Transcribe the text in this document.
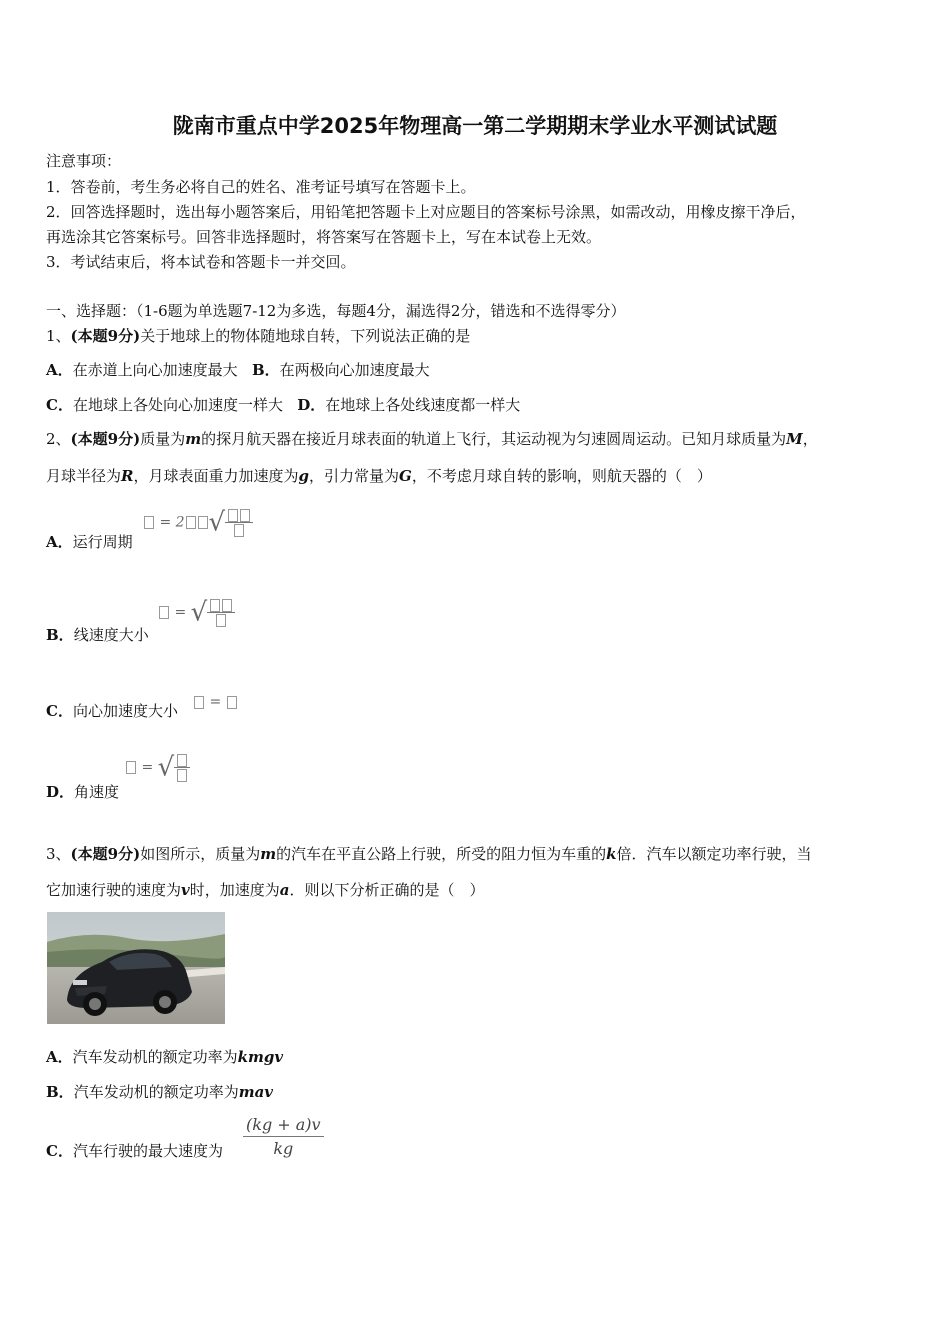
陇南市重点中学2025年物理高一第二学期期末学业水平测试试题
注意事项：
1．答卷前，考生务必将自己的姓名、准考证号填写在答题卡上。
2．回答选择题时，选出每小题答案后，用铅笔把答题卡上对应题目的答案标号涂黑，如需改动，用橡皮擦干净后，
再选涂其它答案标号。回答非选择题时，将答案写在答题卡上，写在本试卷上无效。
3．考试结束后，将本试卷和答题卡一并交回。
一、选择题：（1-6题为单选题7-12为多选，每题4分，漏选得2分，错选和不选得零分）
1、(本题9分)关于地球上的物体随地球自转，下列说法正确的是
A．在赤道上向心加速度最大 B．在两极向心加速度最大
C．在地球上各处向心加速度一样大 D．在地球上各处线速度都一样大
2、(本题9分)质量为m的探月航天器在接近月球表面的轨道上飞行，其运动视为匀速圆周运动。已知月球质量为M，
月球半径为R，月球表面重力加速度为g，引力常量为G，不考虑月球自转的影响，则航天器的（　）
A．运行周期
= 2 √
B．线速度大小
= √
C．向心加速度大小	=
D．角速度
= √
3、(本题9分)如图所示，质量为m的汽车在平直公路上行驶，所受的阻力恒为车重的k倍．汽车以额定功率行驶，当
它加速行驶的速度为v时，加速度为a．则以下分析正确的是（　）
A．汽车发动机的额定功率为kmgv
B．汽车发动机的额定功率为mav
C．汽车行驶的最大速度为 $\frac{(kg + a)v}{kg}$
